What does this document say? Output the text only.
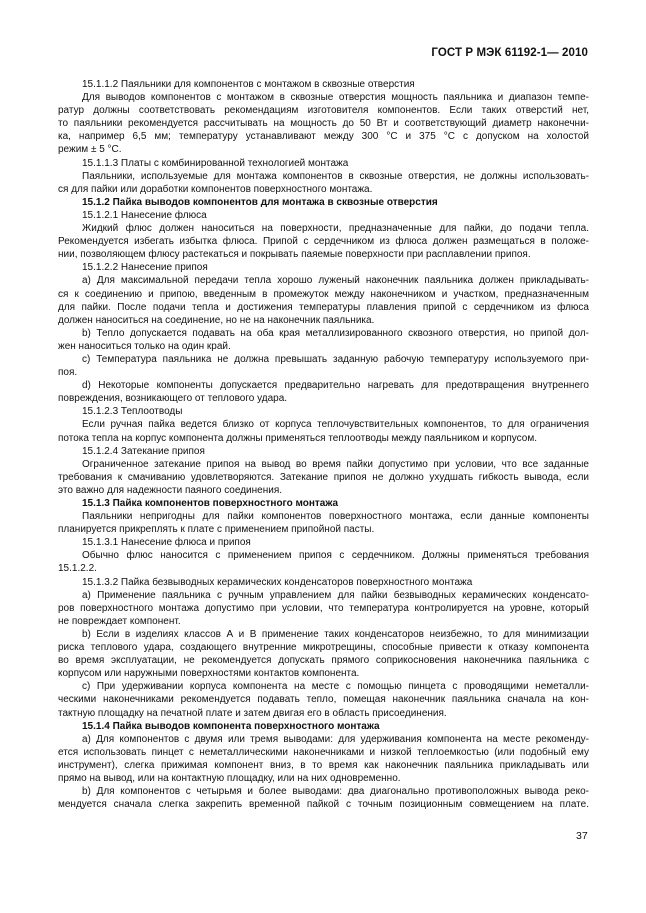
ГОСТ Р МЭК 61192-1— 2010
15.1.1.2 Паяльники для компонентов с монтажом в сквозные отверстия
Для выводов компонентов с монтажом в сквозные отверстия мощность паяльника и диапазон темпе-
ратур должны соответствовать рекомендациям изготовителя компонентов. Если таких отверстий нет,
то паяльники рекомендуется рассчитывать на мощность до 50 Вт и соответствующий диаметр наконечни-
ка, например 6,5 мм; температуру устанавливают между 300 °С и 375 °С с допуском на холостой
режим ± 5 °С.
15.1.1.3 Платы с комбинированной технологией монтажа
Паяльники, используемые для монтажа компонентов в сквозные отверстия, не должны использовать-
ся для пайки или доработки компонентов поверхностного монтажа.
15.1.2 Пайка выводов компонентов для монтажа в сквозные отверстия
15.1.2.1 Нанесение флюса
Жидкий флюс должен наноситься на поверхности, предназначенные для пайки, до подачи тепла.
Рекомендуется избегать избытка флюса. Припой с сердечником из флюса должен размещаться в положе-
нии, позволяющем флюсу растекаться и покрывать паяемые поверхности при расплавлении припоя.
15.1.2.2 Нанесение припоя
а) Для максимальной передачи тепла хорошо луженый наконечник паяльника должен прикладывать-
ся к соединению и припою, введенным в промежуток между наконечником и участком, предназначенным
для пайки. После подачи тепла и достижения температуры плавления припой с сердечником из флюса
должен наноситься на соединение, но не на наконечник паяльника.
b) Тепло допускается подавать на оба края металлизированного сквозного отверстия, но припой дол-
жен наноситься только на один край.
с) Температура паяльника не должна превышать заданную рабочую температуру используемого при-
поя.
d) Некоторые компоненты допускается предварительно нагревать для предотвращения внутреннего
повреждения, возникающего от теплового удара.
15.1.2.3 Теплоотводы
Если ручная пайка ведется близко от корпуса теплочувствительных компонентов, то для ограничения
потока тепла на корпус компонента должны применяться теплоотводы между паяльником и корпусом.
15.1.2.4 Затекание припоя
Ограниченное затекание припоя на вывод во время пайки допустимо при условии, что все заданные
требования к смачиванию удовлетворяются. Затекание припоя не должно ухудшать гибкость вывода, если
это важно для надежности паяного соединения.
15.1.3 Пайка компонентов поверхностного монтажа
Паяльники непригодны для пайки компонентов поверхностного монтажа, если данные компоненты
планируется прикреплять к плате с применением припойной пасты.
15.1.3.1 Нанесение флюса и припоя
Обычно флюс наносится с применением припоя с сердечником. Должны применяться требования
15.1.2.2.
15.1.3.2 Пайка безвыводных керамических конденсаторов поверхностного монтажа
а) Применение паяльника с ручным управлением для пайки безвыводных керамических конденсато-
ров поверхностного монтажа допустимо при условии, что температура контролируется на уровне, который
не повреждает компонент.
b) Если в изделиях классов А и В применение таких конденсаторов неизбежно, то для минимизации
риска теплового удара, создающего внутренние микротрещины, способные привести к отказу компонента
во время эксплуатации, не рекомендуется допускать прямого соприкосновения наконечника паяльника с
корпусом или наружными поверхностями контактов компонента.
с) При удерживании корпуса компонента на месте с помощью пинцета с проводящими неметалли-
ческими наконечниками рекомендуется подавать тепло, помещая наконечник паяльника сначала на кон-
тактную площадку на печатной плате и затем двигая его в область присоединения.
15.1.4 Пайка выводов компонента поверхностного монтажа
а) Для компонентов с двумя или тремя выводами: для удерживания компонента на месте рекоменду-
ется использовать пинцет с неметаллическими наконечниками и низкой теплоемкостью (или подобный ему
инструмент), слегка прижимая компонент вниз, в то время как наконечник паяльника прикладывать или
прямо на вывод, или на контактную площадку, или на них одновременно.
b) Для компонентов с четырьмя и более выводами: два диагонально противоположных вывода реко-
мендуется сначала слегка закрепить временной пайкой с точным позиционным совмещением на плате.
37
